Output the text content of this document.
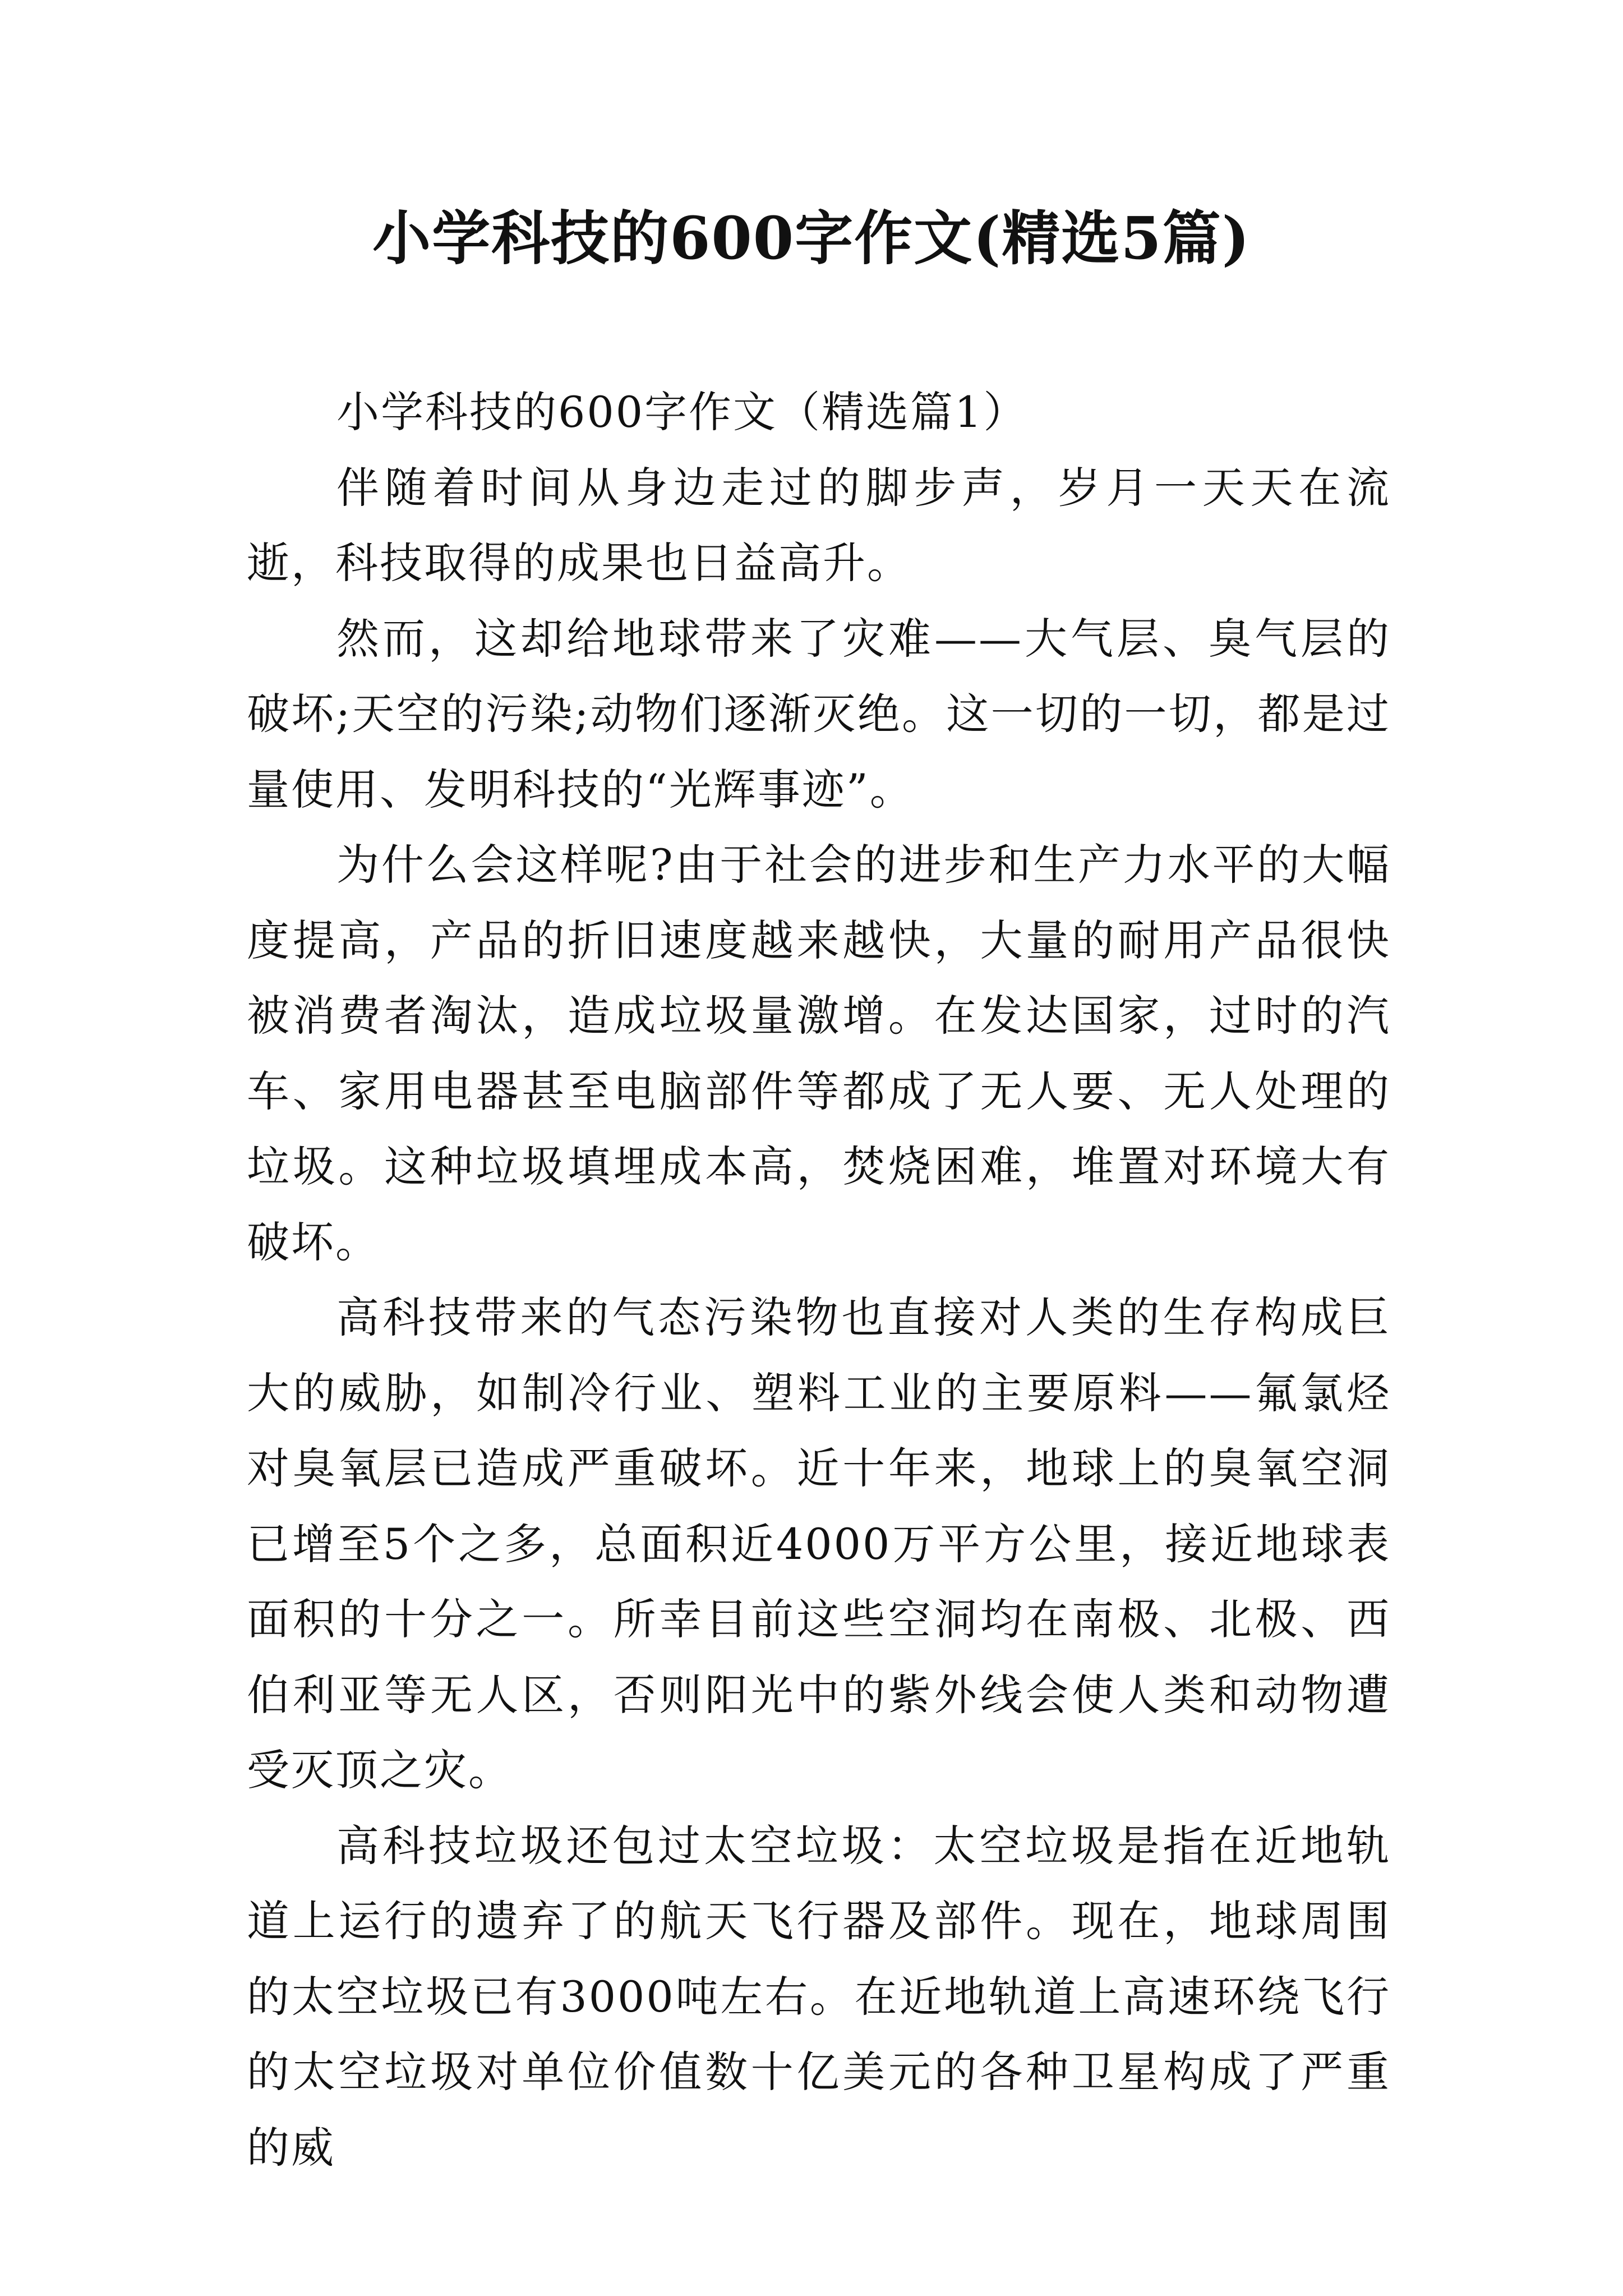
小学科技的600字作文(精选5篇)

小学科技的600字作文（精选篇1）

伴随着时间从身边走过的脚步声，岁月一天天在流逝，科技取得的成果也日益高升。

然而，这却给地球带来了灾难——大气层、臭气层的破坏;天空的污染;动物们逐渐灭绝。这一切的一切，都是过量使用、发明科技的“光辉事迹”。

为什么会这样呢?由于社会的进步和生产力水平的大幅度提高，产品的折旧速度越来越快，大量的耐用产品很快被消费者淘汰，造成垃圾量激增。在发达国家，过时的汽车、家用电器甚至电脑部件等都成了无人要、无人处理的垃圾。这种垃圾填埋成本高，焚烧困难，堆置对环境大有破坏。

高科技带来的气态污染物也直接对人类的生存构成巨大的威胁，如制冷行业、塑料工业的主要原料——氟氯烃对臭氧层已造成严重破坏。近十年来，地球上的臭氧空洞已增至5个之多，总面积近4000万平方公里，接近地球表面积的十分之一。所幸目前这些空洞均在南极、北极、西伯利亚等无人区，否则阳光中的紫外线会使人类和动物遭受灭顶之灾。

高科技垃圾还包过太空垃圾：太空垃圾是指在近地轨道上运行的遗弃了的航天飞行器及部件。现在，地球周围的太空垃圾已有3000吨左右。在近地轨道上高速环绕飞行的太空垃圾对单位价值数十亿美元的各种卫星构成了严重的威
